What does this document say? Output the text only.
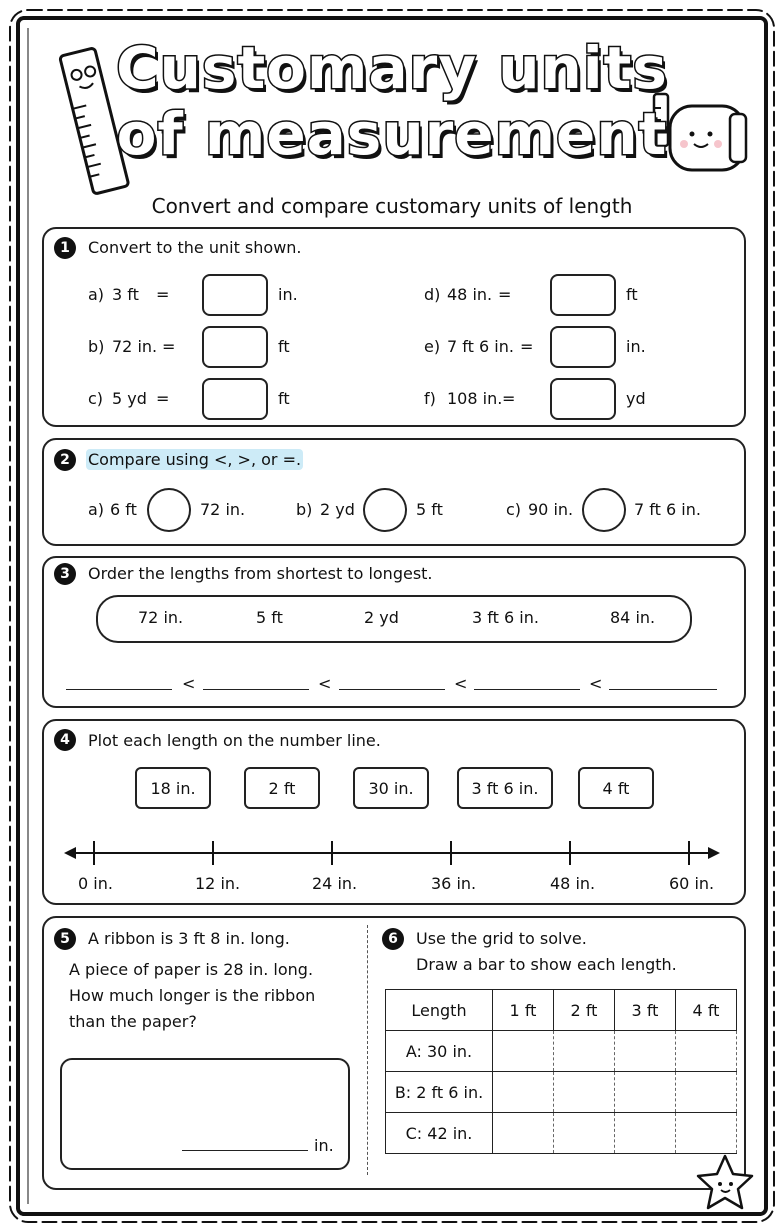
Customary units
of measurement
Convert and compare customary units of length
1	Convert to the unit shown.
a) 3 ft =	in.
b) 72 in. =	ft
c) 5 yd =	ft
d) 48 in. =	ft
e) 7 ft 6 in. =	in.
f) 108 in. =	yd
2	Compare using <, >, or =.
a) 6 ft	72 in.	b) 2 yd	5 ft	c) 90 in.	7 ft 6 in.
3	Order the lengths from shortest to longest.
72 in.	5 ft	2 yd	3 ft 6 in.	84 in.
<	<	<	<
4	Plot each length on the number line.
18 in.	2 ft	30 in.	3 ft 6 in.	4 ft
0 in.	12 in.	24 in.	36 in.	48 in.	60 in.
5	A ribbon is 3 ft 8 in. long.
A piece of paper is 28 in. long.
How much longer is the ribbon
than the paper?
in.
6	Use the grid to solve.
Draw a bar to show each length.
Length	1 ft	2 ft	3 ft	4 ft
A: 30 in.				
B: 2 ft 6 in.				
C: 42 in.				
